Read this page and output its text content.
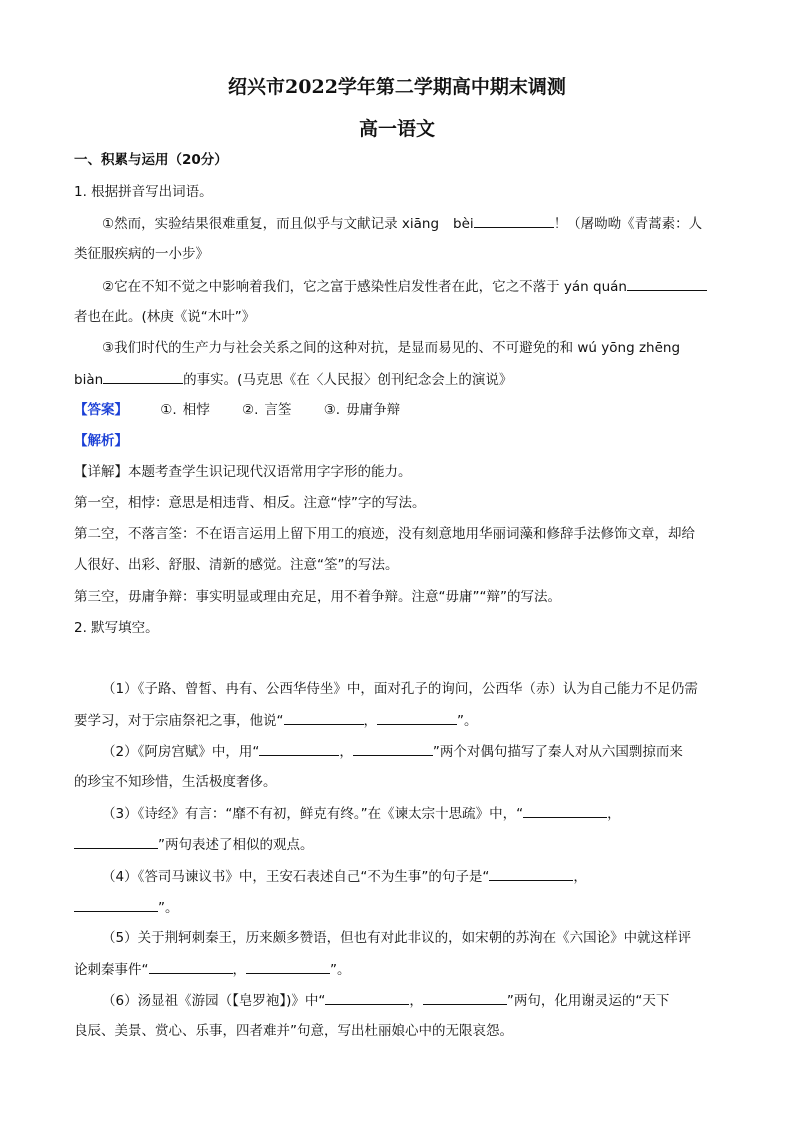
绍兴市2022学年第二学期高中期末调测
高一语文
一、积累与运用（20分）
1. 根据拼音写出词语。
①然而，实验结果很难重复，而且似乎与文献记录 xiāng bèi	！（屠呦呦《青蒿素：人
类征服疾病的一小步》
②它在不知不觉之中影响着我们，它之富于感染性启发性者在此，它之不落于 yán quán
者也在此。(林庚《说“木叶”》
③我们时代的生产力与社会关系之间的这种对抗，是显而易见的、不可避免的和 wú yōng zhēng
biàn	的事实。(马克思《在〈人民报〉创刊纪念会上的演说》
【答案】 ①. 相悖 ②. 言筌 ③. 毋庸争辩
【解析】
【详解】本题考查学生识记现代汉语常用字字形的能力。
第一空，相悖：意思是相违背、相反。注意“悖”字的写法。
第二空，不落言筌：不在语言运用上留下用工的痕迹，没有刻意地用华丽词藻和修辞手法修饰文章，却给
人很好、出彩、舒服、清新的感觉。注意“筌”的写法。
第三空，毋庸争辩：事实明显或理由充足，用不着争辩。注意“毋庸”“辩”的写法。
2. 默写填空。
（1）《子路、曾皙、冉有、公西华侍坐》中，面对孔子的询问，公西华（赤）认为自己能力不足仍需
要学习，对于宗庙祭祀之事，他说“	，	”。
（2）《阿房宫赋》中，用“	，	”两个对偶句描写了秦人对从六国剽掠而来
的珍宝不知珍惜，生活极度奢侈。
（3）《诗经》有言：“靡不有初，鲜克有终。”在《谏太宗十思疏》中，“	，
”两句表述了相似的观点。
（4）《答司马谏议书》中，王安石表述自己“不为生事”的句子是“	，
”。
（5）关于荆轲刺秦王，历来颇多赞语，但也有对此非议的，如宋朝的苏洵在《六国论》中就这样评
论刺秦事件“	，	”。
（6）汤显祖《游园（【皂罗袍】)》中“	，	”两句，化用谢灵运的“天下
良辰、美景、赏心、乐事，四者难并”句意，写出杜丽娘心中的无限哀怨。
